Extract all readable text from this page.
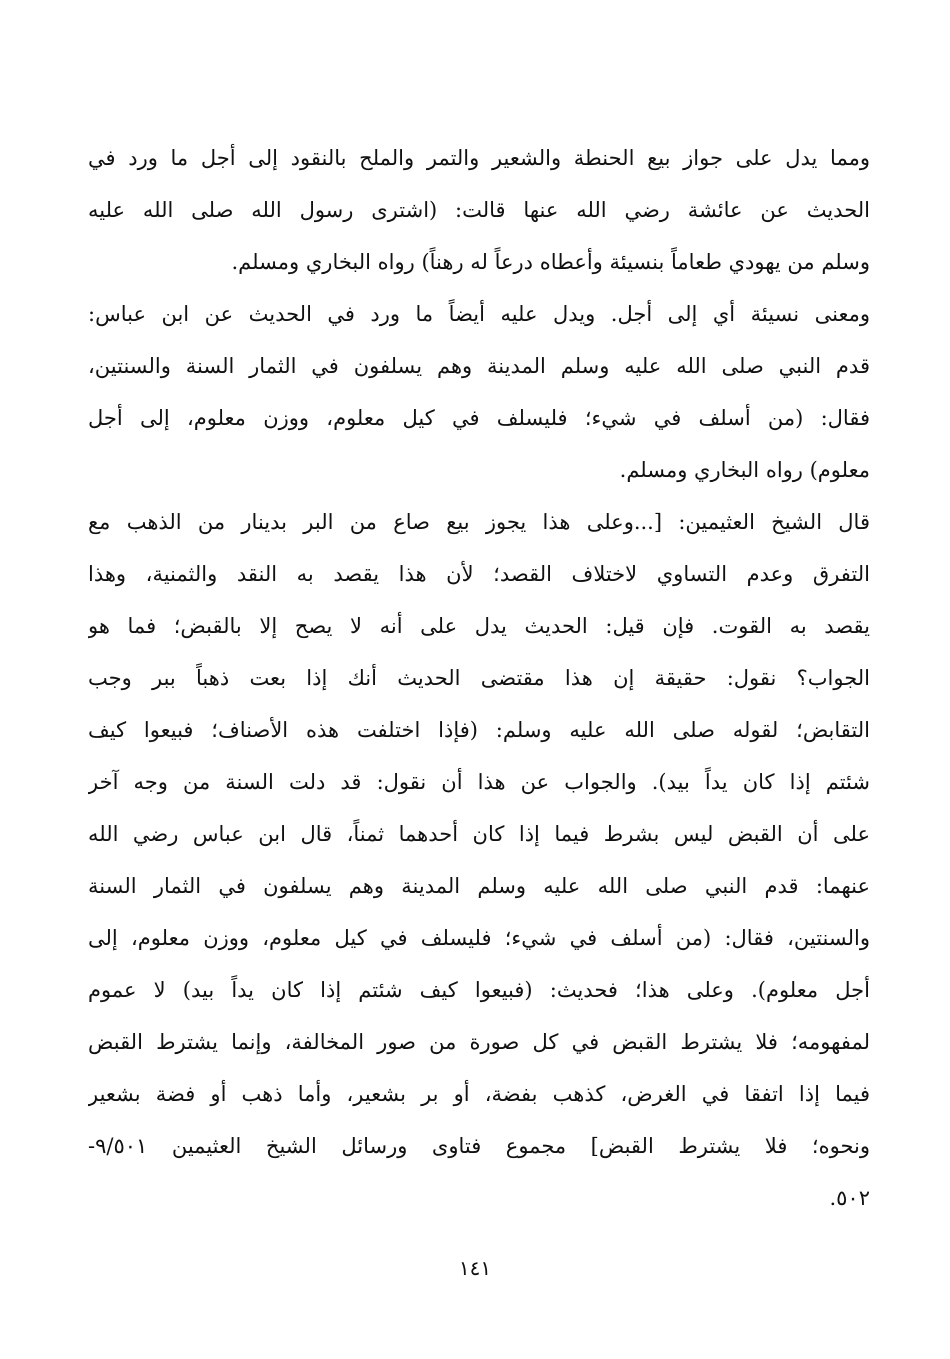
ومما يدل على جواز بيع الحنطة والشعير والتمر والملح بالنقود إلى أجل ما ورد في
الحديث عن عائشة رضي الله عنها قالت: (اشترى رسول الله صلى الله عليه
وسلم من يهودي طعاماً بنسيئة وأعطاه درعاً له رهناً) رواه البخاري ومسلم.
ومعنى نسيئة أي إلى أجل. ويدل عليه أيضاً ما ورد في الحديث عن ابن عباس:
قدم النبي صلى الله عليه وسلم المدينة وهم يسلفون في الثمار السنة والسنتين،
فقال: (من أسلف في شيء؛ فليسلف في كيل معلوم، ووزن معلوم، إلى أجل
معلوم) رواه البخاري ومسلم.
قال الشيخ العثيمين: [...وعلى هذا يجوز بيع صاع من البر بدينار من الذهب مع
التفرق وعدم التساوي لاختلاف القصد؛ لأن هذا يقصد به النقد والثمنية، وهذا
يقصد به القوت. فإن قيل: الحديث يدل على أنه لا يصح إلا بالقبض؛ فما هو
الجواب؟ نقول: حقيقة إن هذا مقتضى الحديث أنك إذا بعت ذهباً ببر وجب
التقابض؛ لقوله صلى الله عليه وسلم: (فإذا اختلفت هذه الأصناف؛ فبيعوا كيف
شئتم إذا كان يداً بيد). والجواب عن هذا أن نقول: قد دلت السنة من وجه آخر
على أن القبض ليس بشرط فيما إذا كان أحدهما ثمناً، قال ابن عباس رضي الله
عنهما: قدم النبي صلى الله عليه وسلم المدينة وهم يسلفون في الثمار السنة
والسنتين، فقال: (من أسلف في شيء؛ فليسلف في كيل معلوم، ووزن معلوم، إلى
أجل معلوم). وعلى هذا؛ فحديث: (فبيعوا كيف شئتم إذا كان يداً بيد) لا عموم
لمفهومه؛ فلا يشترط القبض في كل صورة من صور المخالفة، وإنما يشترط القبض
فيما إذا اتفقا في الغرض، كذهب بفضة، أو بر بشعير، وأما ذهب أو فضة بشعير
ونحوه؛ فلا يشترط القبض] مجموع فتاوى ورسائل الشيخ العثيمين ٩/٥٠١-
٥٠٢.
١٤١
